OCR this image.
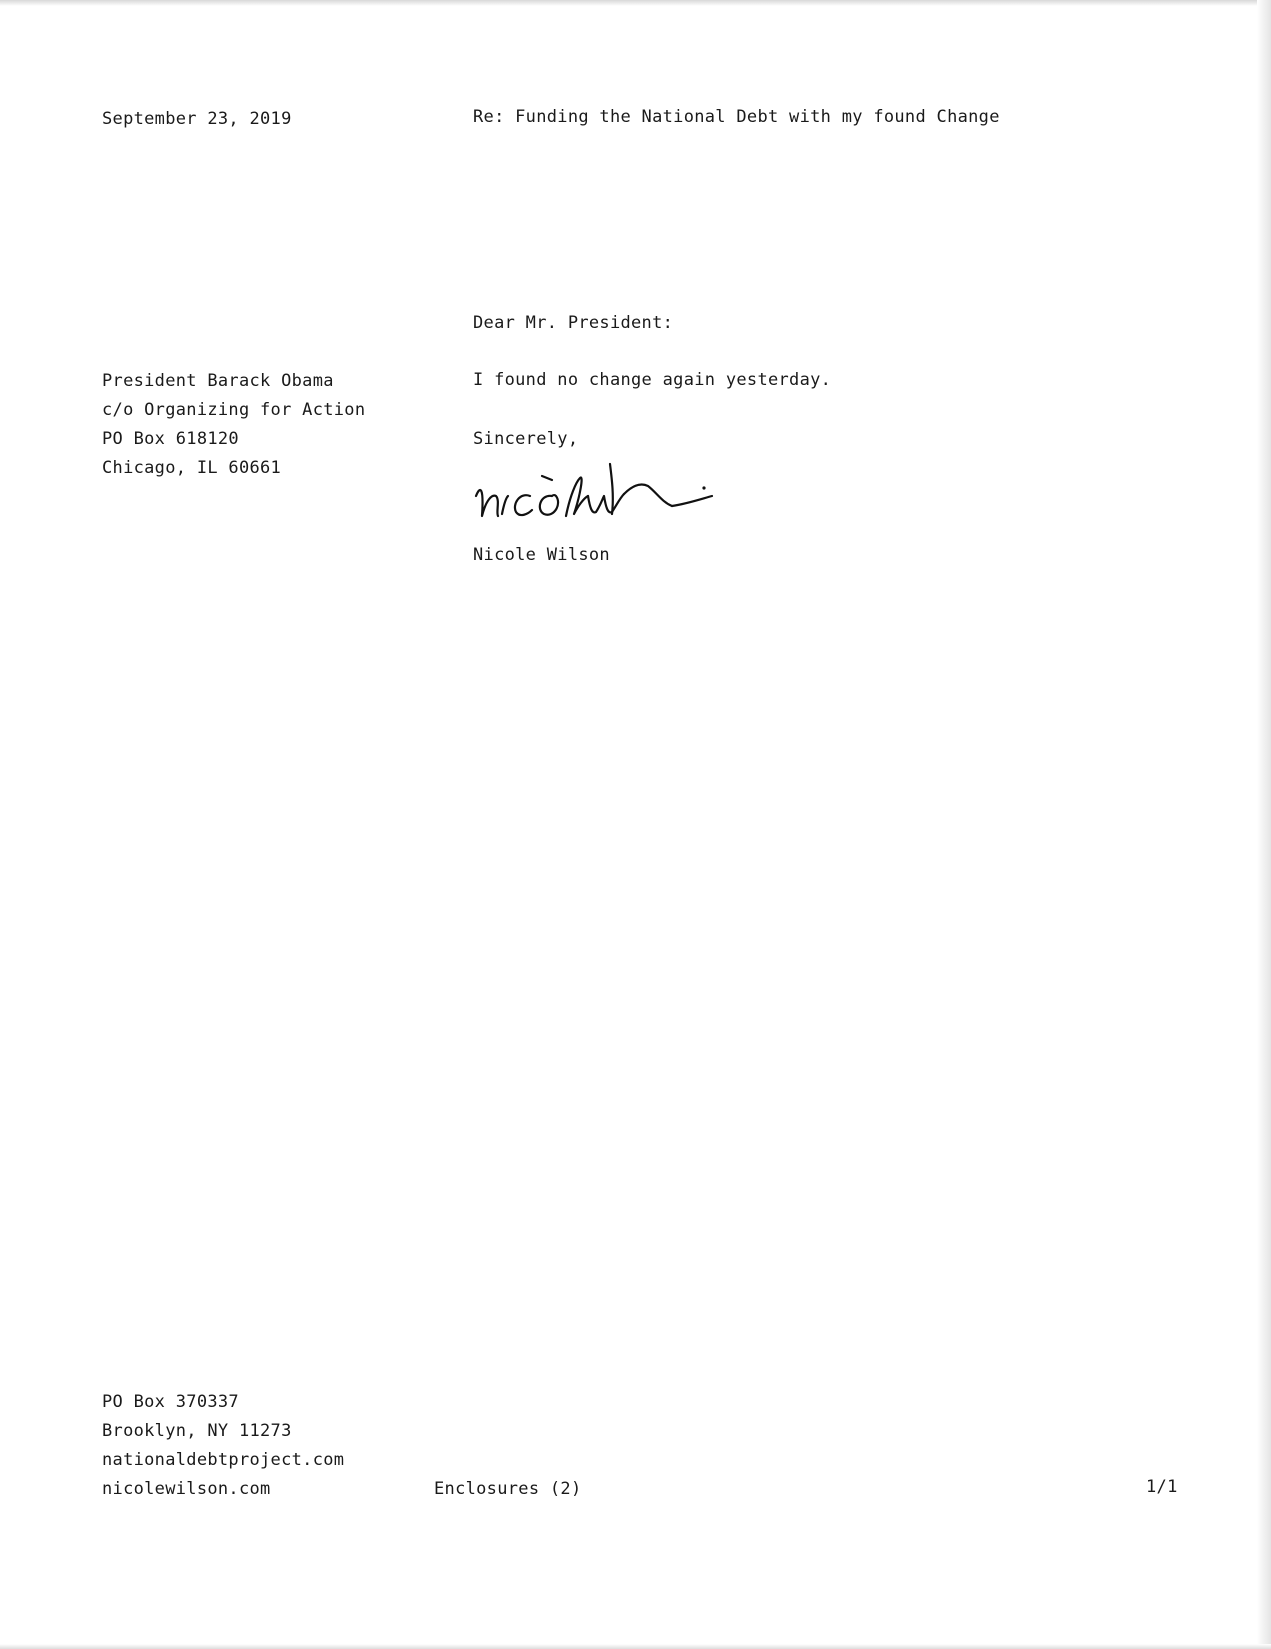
September 23, 2019	Re: Funding the National Debt with my found Change
President Barack Obama
c/o Organizing for Action
PO Box 618120
Chicago, IL 60661
Dear Mr. President:
I found no change again yesterday.
Sincerely,
Nicole Wilson
PO Box 370337
Brooklyn, NY 11273
nationaldebtproject.com
nicolewilson.com	Enclosures (2)	1/1
